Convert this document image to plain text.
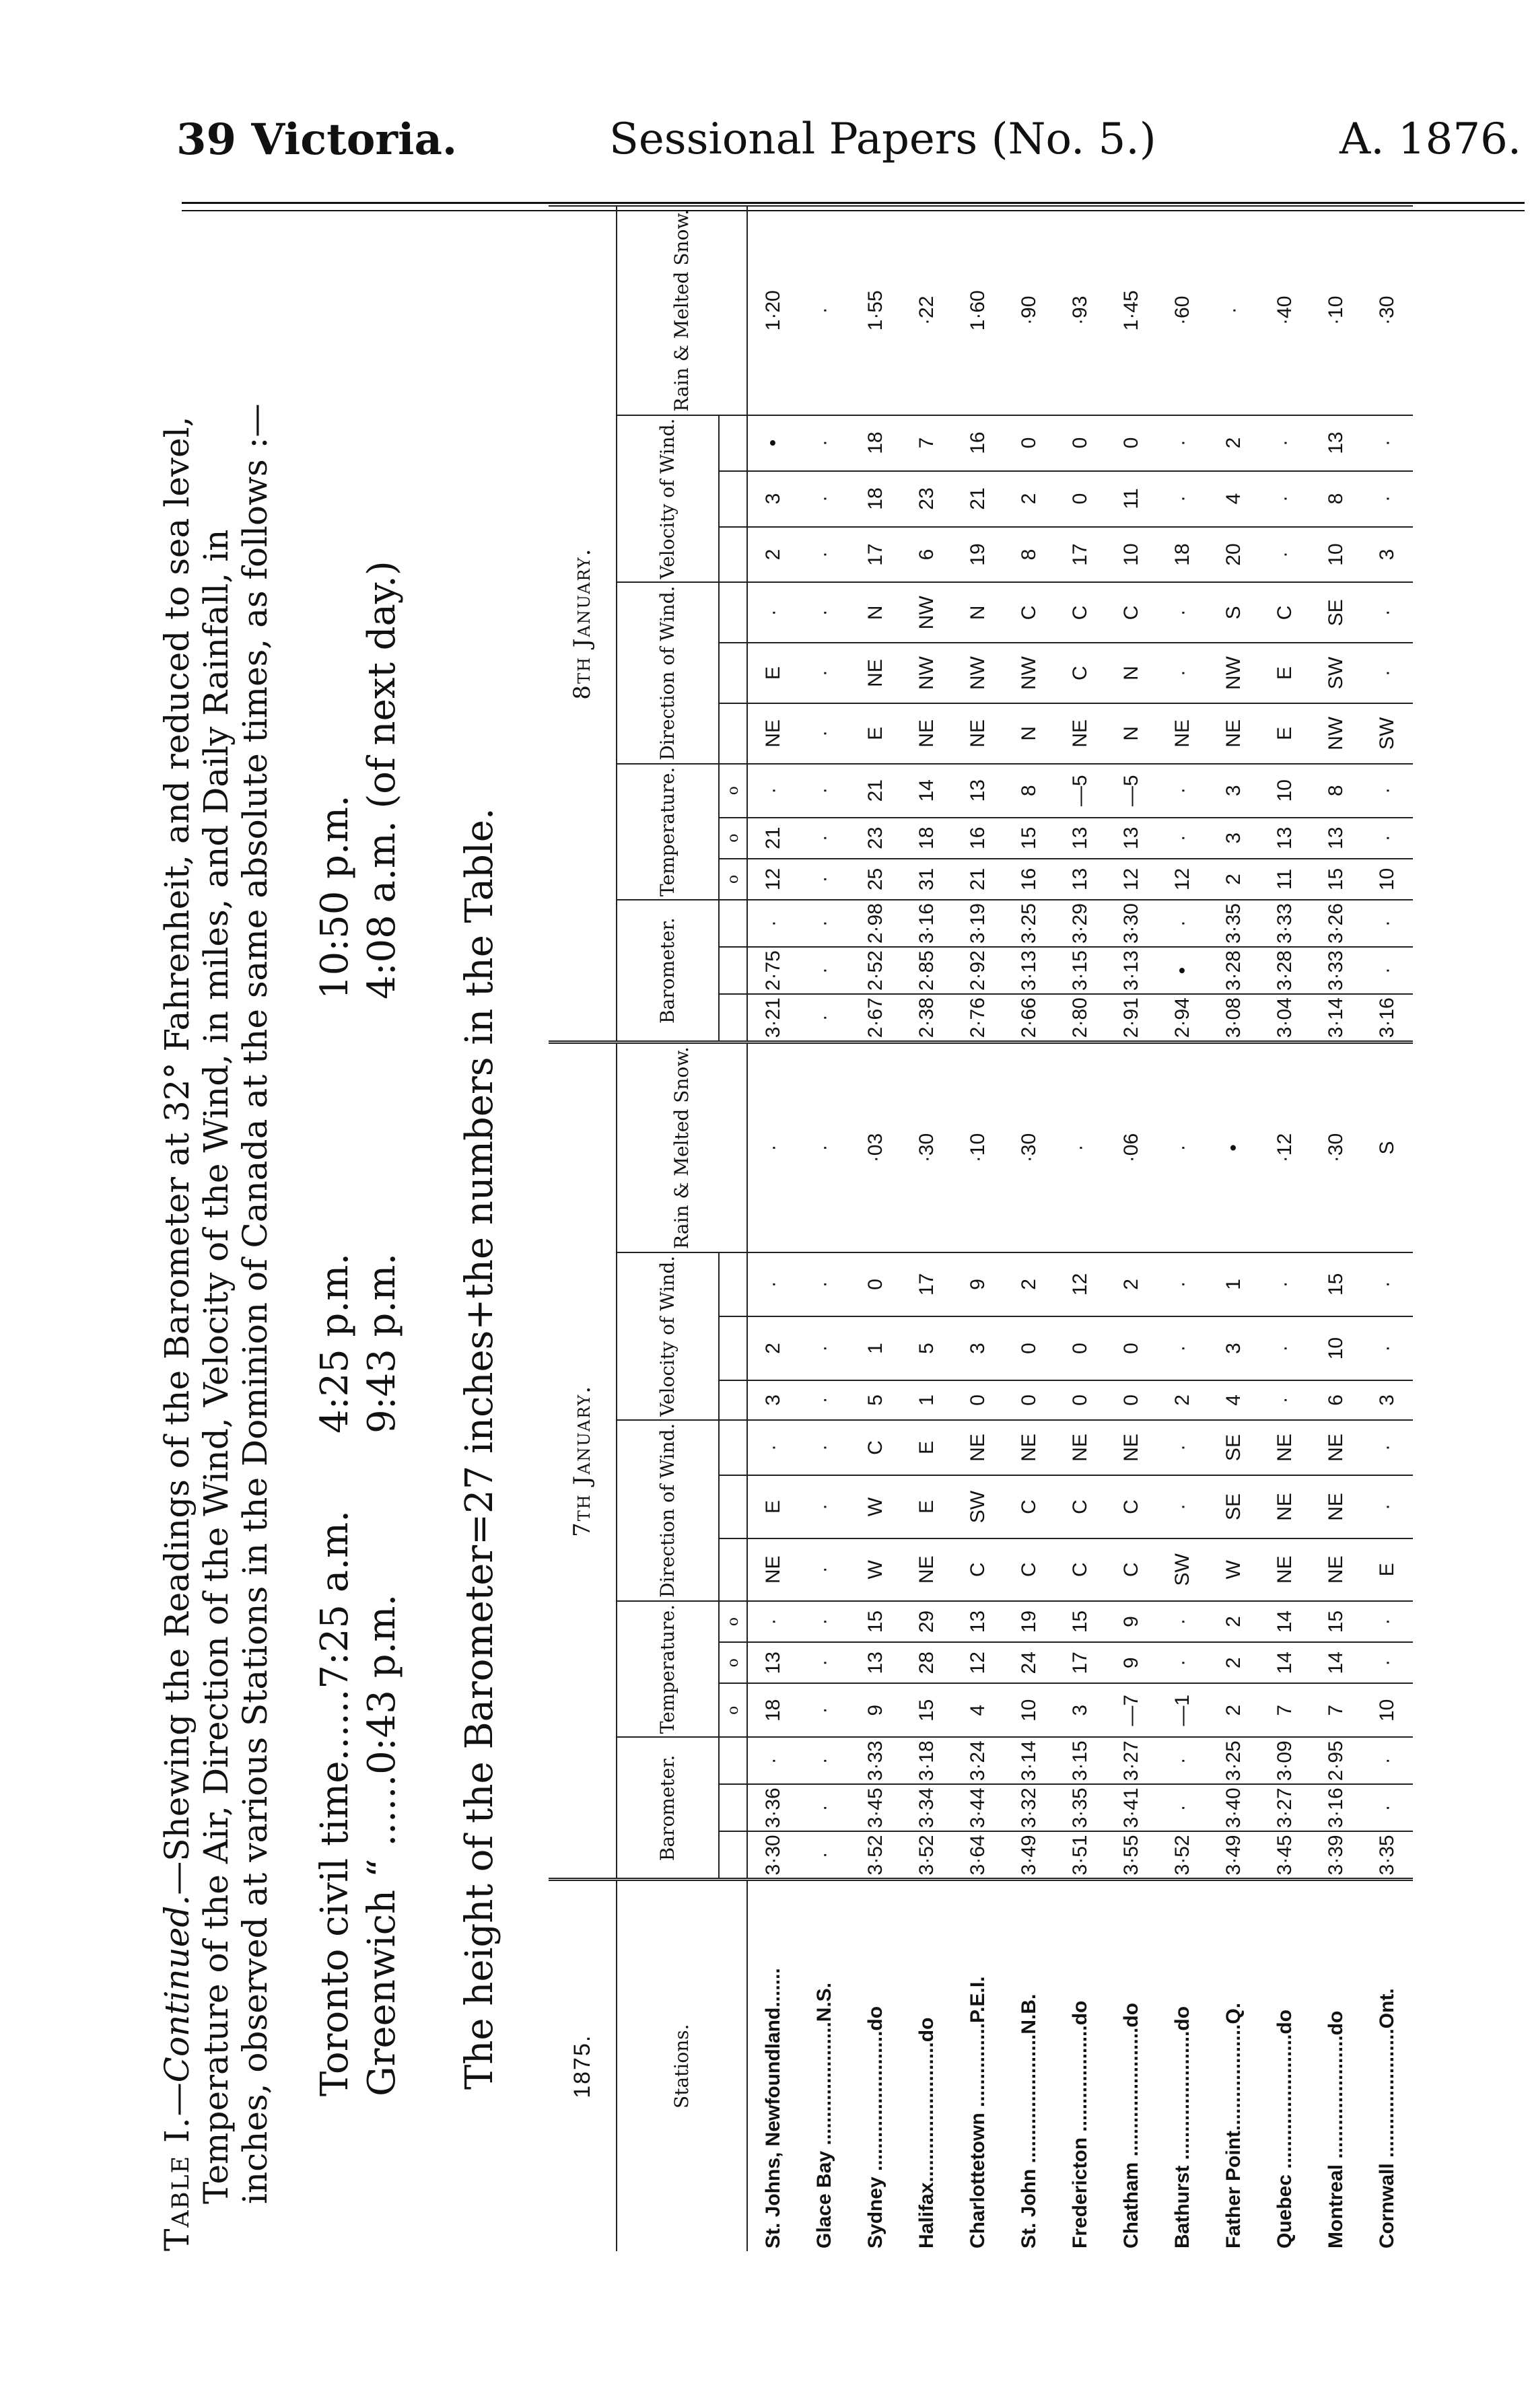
39 Victoria.	Sessional Papers (No. 5.)	A. 1876.
Table I.—Continued.—Shewing the Readings of the Barometer at 32° Fahrenheit, and reduced to sea level, Temperature of the Air, Direction of the Wind, Velocity of the Wind, in miles, and Daily Rainfall, in inches, observed at various Stations in the Dominion of Canada at the same absolute times, as follows :— Toronto civil time......7:25 a.m.
4:25 p.m.
10:50 p.m.
Greenwich “ ......0:43 p.m.
9:43 p.m.
4:08 a.m. (of next day.)
The height of the Barometer=27 inches+the numbers in the Table.	1875.	7th January.													8th January.												
Stations.	Barometer.			Temperature.			Direction of Wind.			Velocity of Wind.			Rain & Melted Snow.	Barometer.			Temperature.			Direction of Wind.			Velocity of Wind.			Rain & Melted Snow.
				o	o	o											o	o	o							
St. Johns, Newfoundland.......	3·30	3·36	·	18	13	·	NE	E	·	3	2	·	·	3·21	2·75	·	12	21	·	NE	E	·	2	3	•	1·20
Glace Bay ......................N.S.	·	·	·	·	·	·	·	·	·	·	·	·	·	·	·	·	·	·	·	·	·	·	·	·	·	·
Sydney .........................do	3·52	3·45	3·33	9	13	15	W	W	C	5	1	0	·03	2·67	2·52	2·98	25	23	21	E	NE	N	17	18	18	1·55
Halifax.........................do	3·52	3·34	3·18	15	28	29	NE	E	E	1	5	17	·30	2·38	2·85	3·16	31	18	14	NE	NW	NW	6	23	7	·22
Charlottetown ...............P.E.I.	3·64	3·44	3·24	4	12	13	C	SW	NE	0	3	9	·10	2·76	2·92	3·19	21	16	13	NE	NW	N	19	21	16	1·60
St. John .......................N.B.	3·49	3·32	3·14	10	24	19	C	C	NE	0	0	2	·30	2·66	3·13	3·25	16	15	8	N	NW	C	8	2	0	·90
Fredericton ...................do	3·51	3·35	3·15	3	17	15	C	C	NE	0	0	12	·	2·80	3·15	3·29	13	13	—5	NE	C	C	17	0	0	·93
Chatham .......................do	3·55	3·41	3·27	—7	9	9	C	C	NE	0	0	2	·06	2·91	3·13	3·30	12	13	—5	N	N	C	10	11	0	1·45
Bathurst .......................do	3·52	·	·	—1	·	·	SW	·	·	2	·	·	·	2·94	•	·	12	·	·	NE	·	·	18	·	·	·60
Father Point...................Q.	3·49	3·40	3·25	2	2	2	W	SE	SE	4	3	1	•	3·08	3·28	3·35	2	3	3	NE	NW	S	20	4	2	·
Quebec ........................do	3·45	3·27	3·09	7	14	14	NE	NE	NE	·	·	·	·12	3·04	3·28	3·33	11	13	10	E	E	C	·	·	·	·40
Montreal ......................do	3·39	3·16	2·95	7	14	15	NE	NE	NE	6	10	15	·30	3·14	3·33	3·26	15	13	8	NW	SW	SE	10	8	13	·10
Cornwall .......................Ont.	3·35	·	·	10	·	·	E	·	·	3	·	·	S	3·16	·	·	10	·	·	SW	·	·	3	·	·	·30
